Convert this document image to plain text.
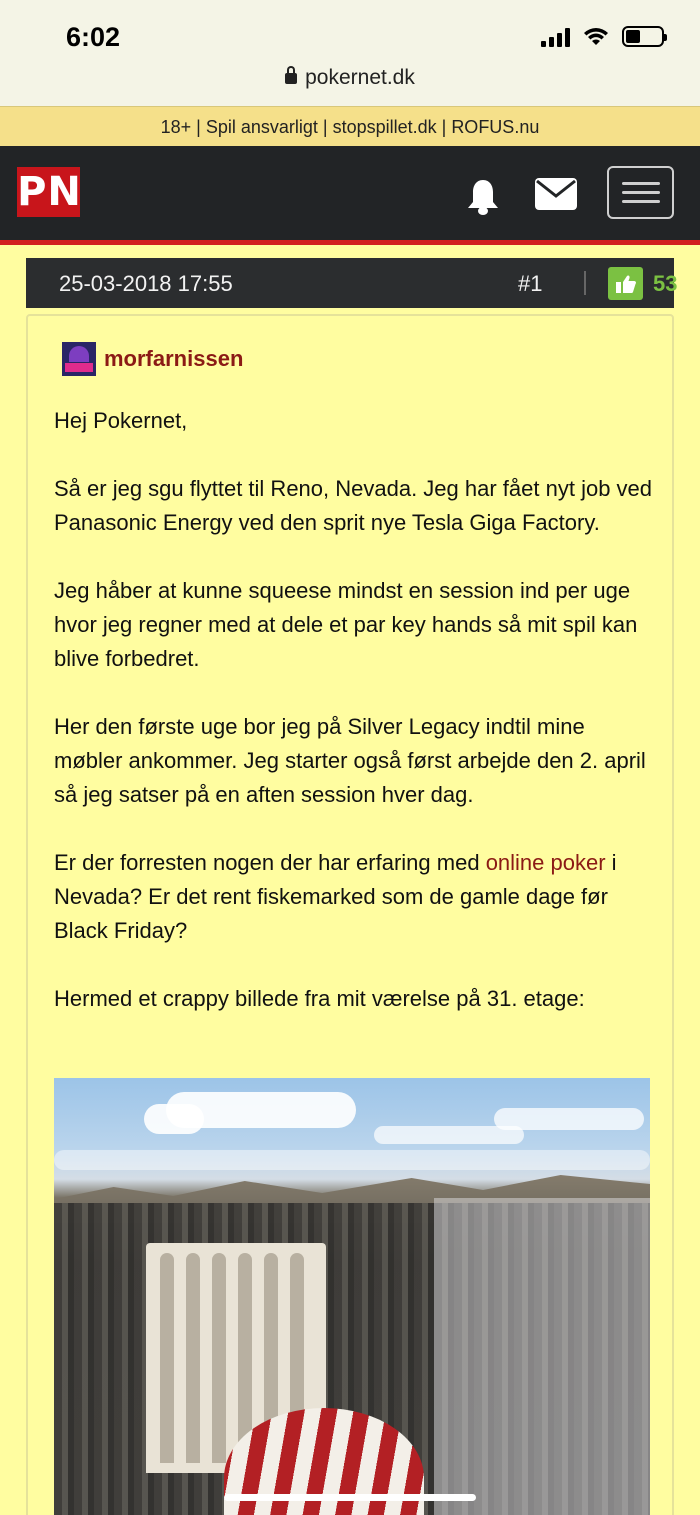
6:02
pokernet.dk
18+ | Spil ansvarligt | stopspillet.dk | ROFUS.nu
P N
25-03-2018 17:55	#1	53
morfarnissen

Hej Pokernet,

Så er jeg sgu flyttet til Reno, Nevada. Jeg har fået nyt job ved Panasonic Energy ved den sprit nye Tesla Giga Factory.

Jeg håber at kunne squeese mindst en session ind per uge hvor jeg regner med at dele et par key hands så mit spil kan blive forbedret.

Her den første uge bor jeg på Silver Legacy indtil mine møbler ankommer. Jeg starter også først arbejde den 2. april så jeg satser på en aften session hver dag.

Er der forresten nogen der har erfaring med online poker i Nevada? Er det rent fiskemarked som de gamle dage før Black Friday?

Hermed et crappy billede fra mit værelse på 31. etage:
